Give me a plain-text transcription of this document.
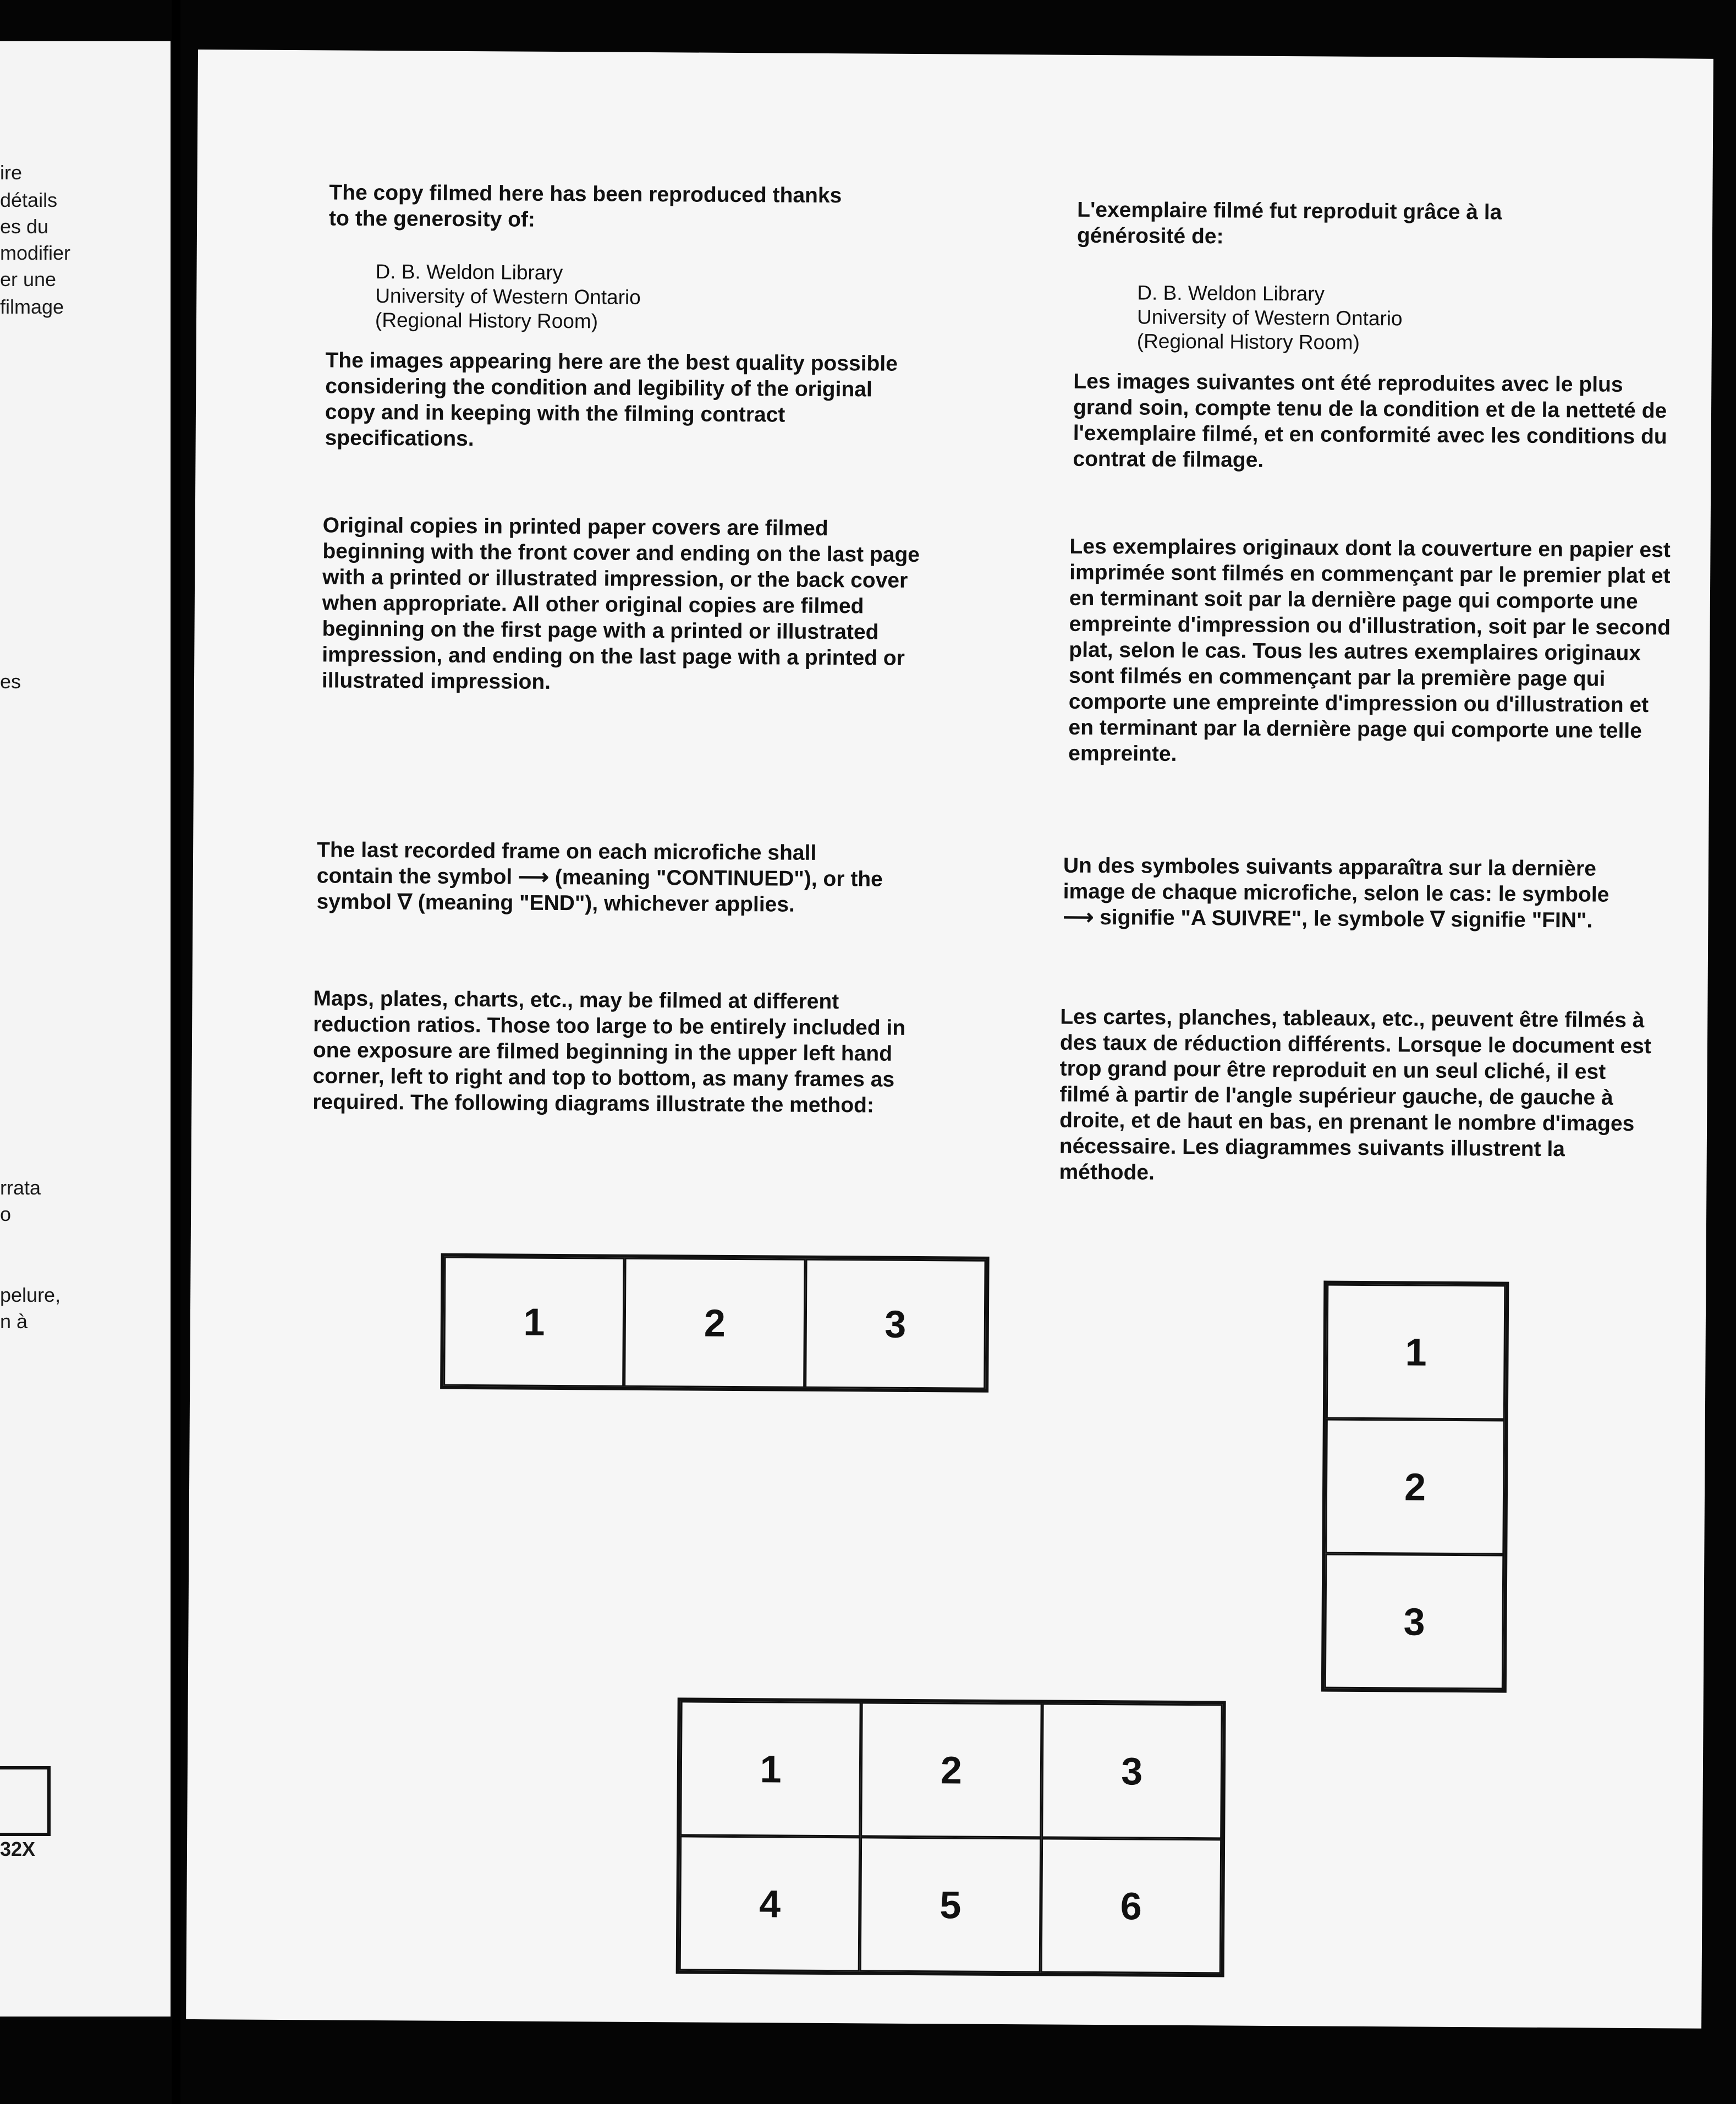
ire
détails
es du
modifier
er une
filmage
es
rrata
o
pelure,
n à
32X

The copy filmed here has been reproduced thanks

to the generosity of:

D. B. Weldon Library
University of Western Ontario
(Regional History Room)
The images appearing here are the best quality possible considering the condition and legibility of the original copy and in keeping with the filming contract specifications.
Original copies in printed paper covers are filmed beginning with the front cover and ending on the last page with a printed or illustrated impression, or the back cover when appropriate. All other original copies are filmed beginning on the first page with a printed or illustrated impression, and ending on the last page with a printed or illustrated impression.
The last recorded frame on each microfiche shall contain the symbol ⟶ (meaning "CONTINUED"), or the symbol ∇ (meaning "END"), whichever applies.
Maps, plates, charts, etc., may be filmed at different reduction ratios. Those too large to be entirely included in one exposure are filmed beginning in the upper left hand corner, left to right and top to bottom, as many frames as required. The following diagrams illustrate the method:

L'exemplaire filmé fut reproduit grâce à la

générosité de:

D. B. Weldon Library
University of Western Ontario
(Regional History Room)
Les images suivantes ont été reproduites avec le plus grand soin, compte tenu de la condition et de la netteté de l'exemplaire filmé, et en conformité avec les conditions du contrat de filmage.
Les exemplaires originaux dont la couverture en papier est imprimée sont filmés en commençant par le premier plat et en terminant soit par la dernière page qui comporte une empreinte d'impression ou d'illustration, soit par le second plat, selon le cas. Tous les autres exemplaires originaux sont filmés en commençant par la première page qui comporte une empreinte d'impression ou d'illustration et en terminant par la dernière page qui comporte une telle empreinte.
Un des symboles suivants apparaîtra sur la dernière image de chaque microfiche, selon le cas: le symbole ⟶ signifie "A SUIVRE", le symbole ∇ signifie "FIN".
Les cartes, planches, tableaux, etc., peuvent être filmés à des taux de réduction différents. Lorsque le document est trop grand pour être reproduit en un seul cliché, il est filmé à partir de l'angle supérieur gauche, de gauche à droite, et de haut en bas, en prenant le nombre d'images nécessaire. Les diagrammes suivants illustrent la méthode.
1	2	3
1
2
3
1	2	3
4	5	6
